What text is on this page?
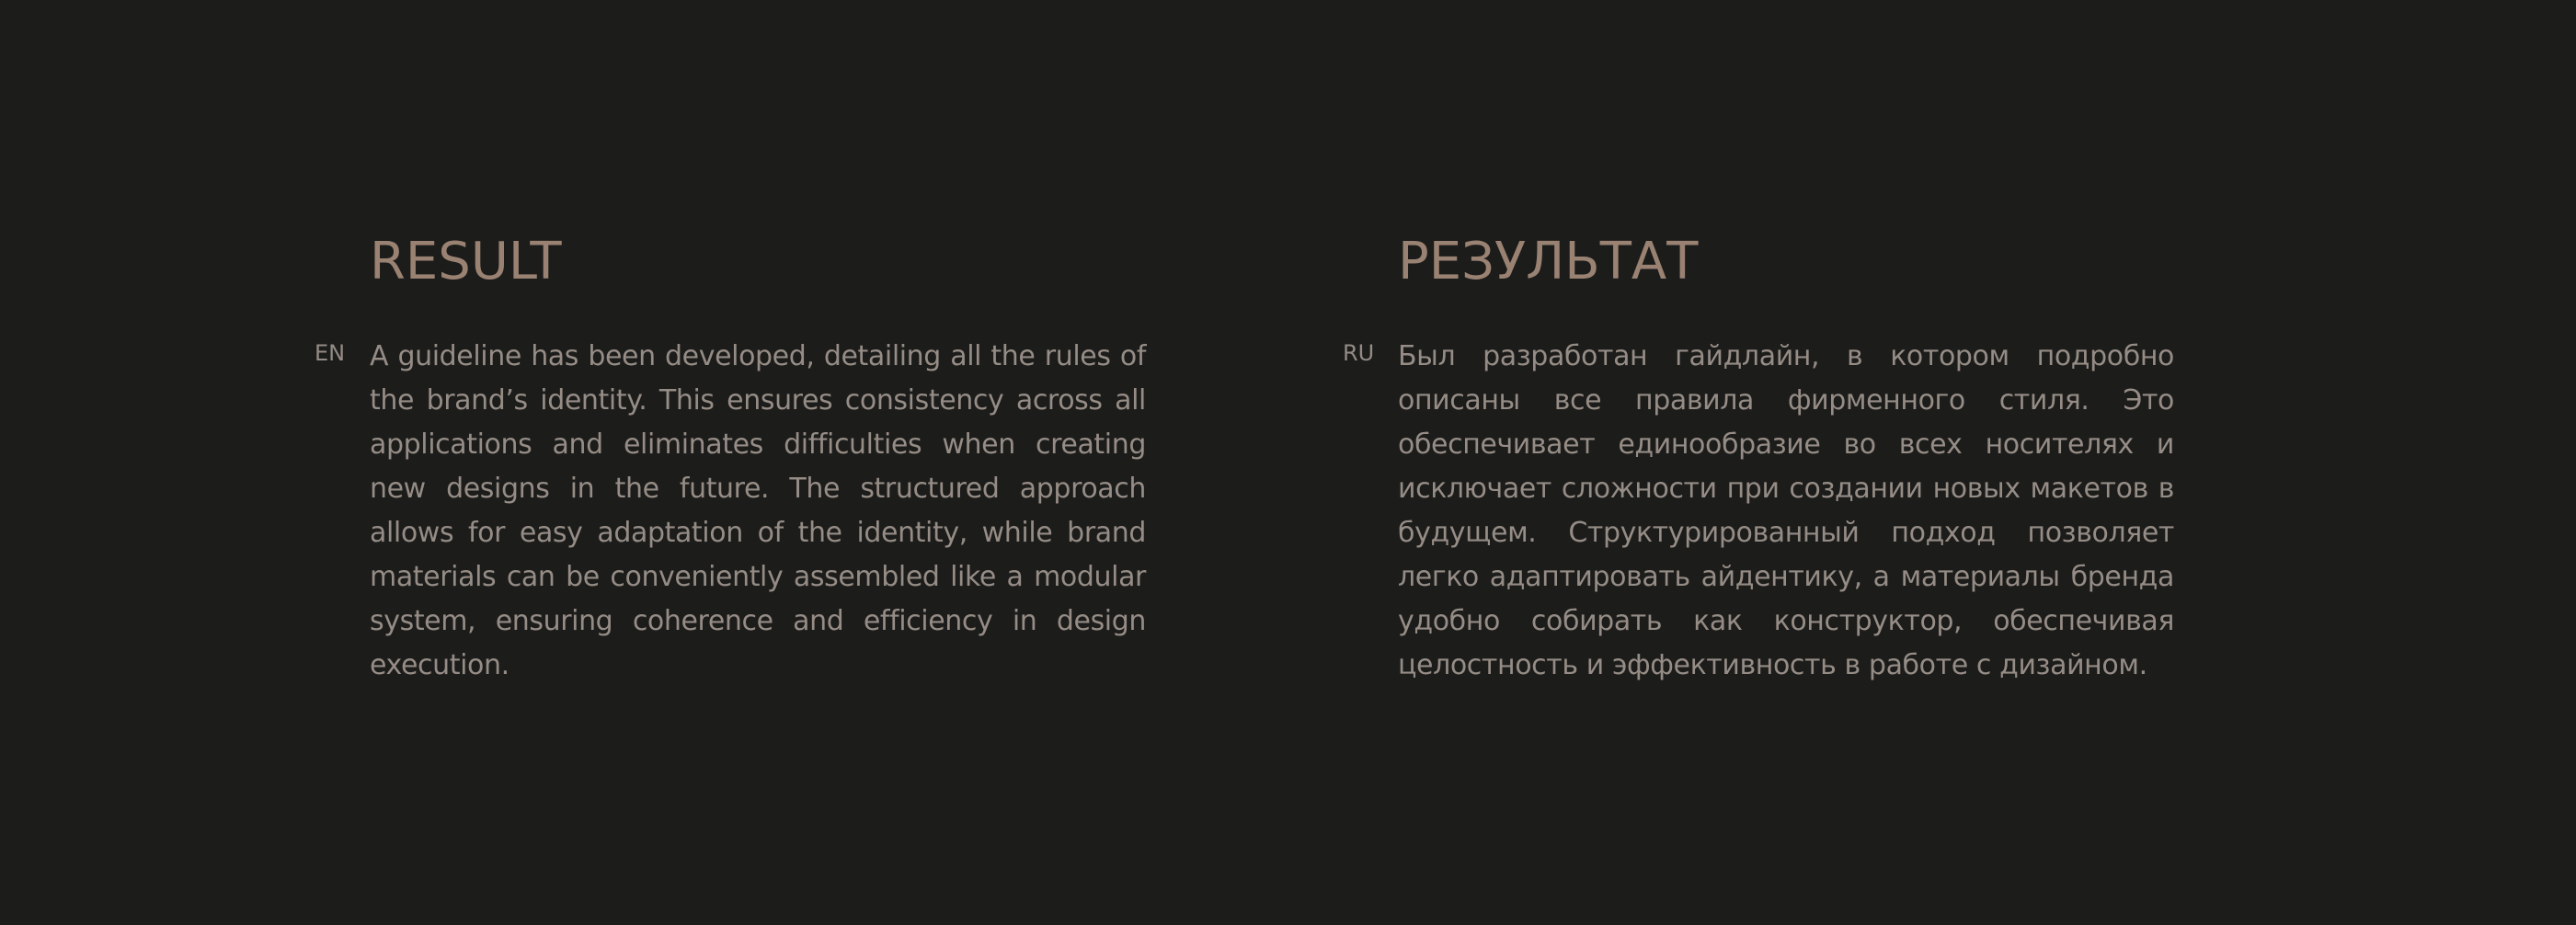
RESULT
EN A guideline has been developed, detailing all the rules of the brand’s identity. This ensures consistency across all applications and eliminates difficulties when creating new designs in the future. The structured approach allows for easy adaptation of the identity, while brand materials can be conveniently assembled like a modular system, ensuring coherence and efficiency in design execution.

РЕЗУЛЬТАТ
RU Был разработан гайдлайн, в котором подробно описаны все правила фирменного стиля. Это обеспечивает единообразие во всех носителях и исключает сложности при создании новых макетов в будущем. Структурированный подход позволяет легко адаптировать айдентику, а материалы бренда удобно собирать как конструктор, обеспечивая целостность и эффективность в работе с дизайном.
